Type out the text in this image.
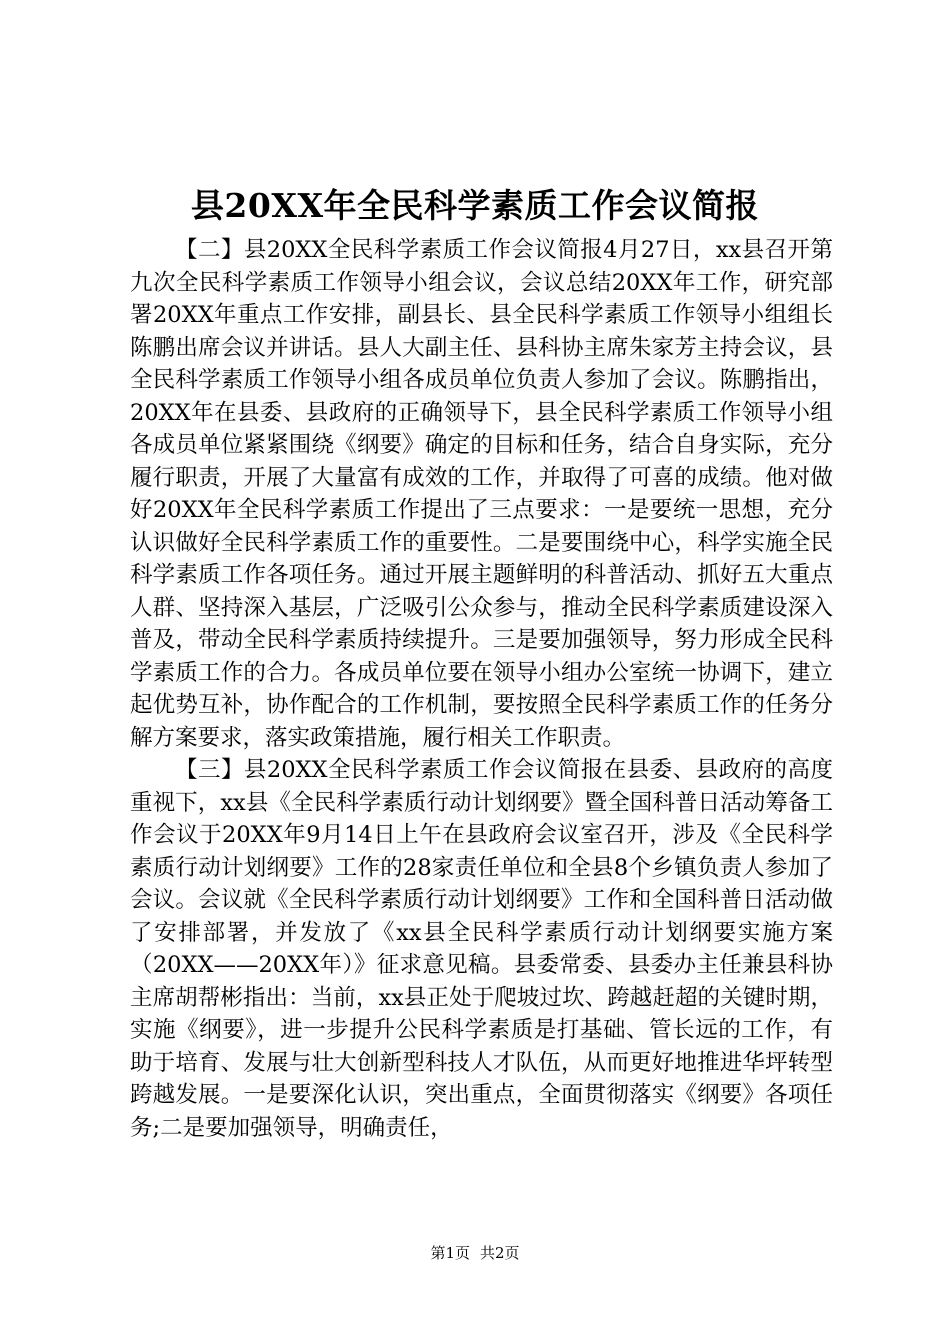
县20XX年全民科学素质工作会议简报

【二】县20XX全民科学素质工作会议简报4月27日，xx县召开第九次全民科学素质工作领导小组会议，会议总结20XX年工作，研究部署20XX年重点工作安排，副县长、县全民科学素质工作领导小组组长陈鹏出席会议并讲话。县人大副主任、县科协主席朱家芳主持会议，县全民科学素质工作领导小组各成员单位负责人参加了会议。陈鹏指出，20XX年在县委、县政府的正确领导下，县全民科学素质工作领导小组各成员单位紧紧围绕《纲要》确定的目标和任务，结合自身实际，充分履行职责，开展了大量富有成效的工作，并取得了可喜的成绩。他对做好20XX年全民科学素质工作提出了三点要求：一是要统一思想，充分认识做好全民科学素质工作的重要性。二是要围绕中心，科学实施全民科学素质工作各项任务。通过开展主题鲜明的科普活动、抓好五大重点人群、坚持深入基层，广泛吸引公众参与，推动全民科学素质建设深入普及，带动全民科学素质持续提升。三是要加强领导，努力形成全民科学素质工作的合力。各成员单位要在领导小组办公室统一协调下，建立起优势互补，协作配合的工作机制，要按照全民科学素质工作的任务分解方案要求，落实政策措施，履行相关工作职责。

【三】县20XX全民科学素质工作会议简报在县委、县政府的高度重视下，xx县《全民科学素质行动计划纲要》暨全国科普日活动筹备工作会议于20XX年9月14日上午在县政府会议室召开，涉及《全民科学素质行动计划纲要》工作的28家责任单位和全县8个乡镇负责人参加了会议。会议就《全民科学素质行动计划纲要》工作和全国科普日活动做了安排部署，并发放了《xx县全民科学素质行动计划纲要实施方案（20XX——20XX年）》征求意见稿。县委常委、县委办主任兼县科协主席胡帮彬指出：当前，xx县正处于爬坡过坎、跨越赶超的关键时期，实施《纲要》，进一步提升公民科学素质是打基础、管长远的工作，有助于培育、发展与壮大创新型科技人才队伍，从而更好地推进华坪转型跨越发展。一是要深化认识，突出重点，全面贯彻落实《纲要》各项任务;二是要加强领导，明确责任，

第1页 共2页
